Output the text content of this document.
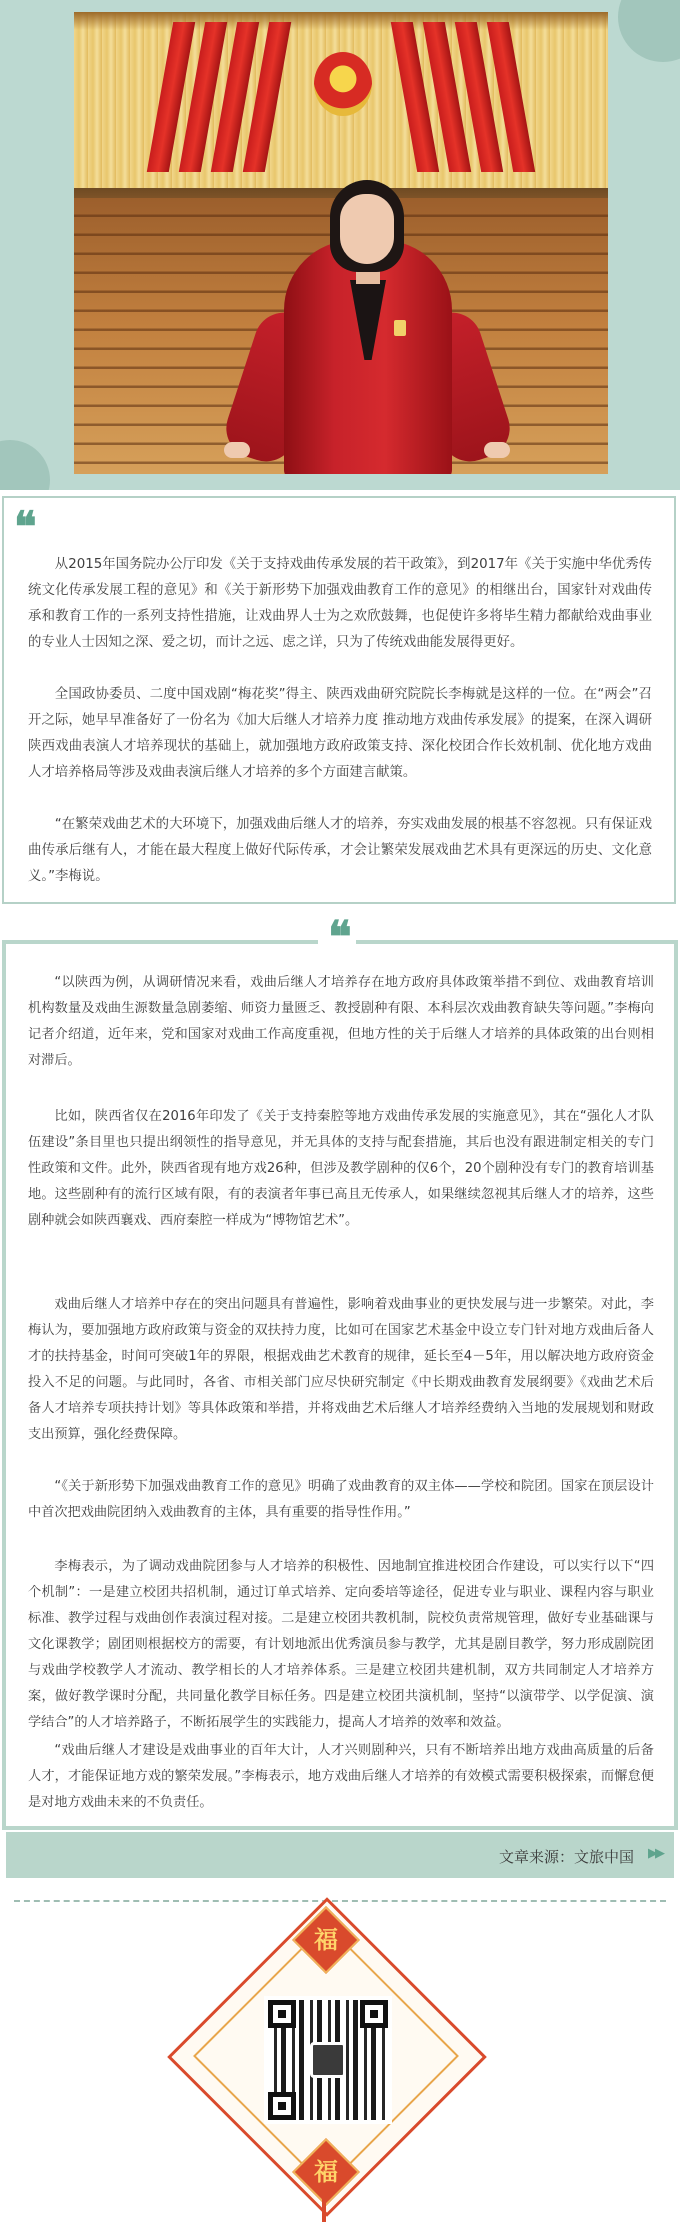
❝
从2015年国务院办公厅印发《关于支持戏曲传承发展的若干政策》，到2017年《关于实施中华优秀传统文化传承发展工程的意见》和《关于新形势下加强戏曲教育工作的意见》的相继出台，国家针对戏曲传承和教育工作的一系列支持性措施，让戏曲界人士为之欢欣鼓舞，也促使许多将毕生精力都献给戏曲事业的专业人士因知之深、爱之切，而计之远、虑之详，只为了传统戏曲能发展得更好。
全国政协委员、二度中国戏剧“梅花奖”得主、陕西戏曲研究院院长李梅就是这样的一位。在“两会”召开之际，她早早准备好了一份名为《加大后继人才培养力度 推动地方戏曲传承发展》的提案，在深入调研陕西戏曲表演人才培养现状的基础上，就加强地方政府政策支持、深化校团合作长效机制、优化地方戏曲人才培养格局等涉及戏曲表演后继人才培养的多个方面建言献策。
“在繁荣戏曲艺术的大环境下，加强戏曲后继人才的培养，夯实戏曲发展的根基不容忽视。只有保证戏曲传承后继有人，才能在最大程度上做好代际传承，才会让繁荣发展戏曲艺术具有更深远的历史、文化意义。”李梅说。
“以陕西为例，从调研情况来看，戏曲后继人才培养存在地方政府具体政策举措不到位、戏曲教育培训机构数量及戏曲生源数量急剧萎缩、师资力量匮乏、教授剧种有限、本科层次戏曲教育缺失等问题。”李梅向记者介绍道，近年来，党和国家对戏曲工作高度重视，但地方性的关于后继人才培养的具体政策的出台则相对滞后。
比如，陕西省仅在2016年印发了《关于支持秦腔等地方戏曲传承发展的实施意见》，其在“强化人才队伍建设”条目里也只提出纲领性的指导意见，并无具体的支持与配套措施，其后也没有跟进制定相关的专门性政策和文件。此外，陕西省现有地方戏26种，但涉及教学剧种的仅6个，20个剧种没有专门的教育培训基地。这些剧种有的流行区域有限，有的表演者年事已高且无传承人，如果继续忽视其后继人才的培养，这些剧种就会如陕西襄戏、西府秦腔一样成为“博物馆艺术”。
戏曲后继人才培养中存在的突出问题具有普遍性，影响着戏曲事业的更快发展与进一步繁荣。对此，李梅认为，要加强地方政府政策与资金的双扶持力度，比如可在国家艺术基金中设立专门针对地方戏曲后备人才的扶持基金，时间可突破1年的界限，根据戏曲艺术教育的规律，延长至4－5年，用以解决地方政府资金投入不足的问题。与此同时，各省、市相关部门应尽快研究制定《中长期戏曲教育发展纲要》《戏曲艺术后备人才培养专项扶持计划》等具体政策和举措，并将戏曲艺术后继人才培养经费纳入当地的发展规划和财政支出预算，强化经费保障。
“《关于新形势下加强戏曲教育工作的意见》明确了戏曲教育的双主体——学校和院团。国家在顶层设计中首次把戏曲院团纳入戏曲教育的主体，具有重要的指导性作用。”
李梅表示，为了调动戏曲院团参与人才培养的积极性、因地制宜推进校团合作建设，可以实行以下“四个机制”：一是建立校团共招机制，通过订单式培养、定向委培等途径，促进专业与职业、课程内容与职业标准、教学过程与戏曲创作表演过程对接。二是建立校团共教机制，院校负责常规管理，做好专业基础课与文化课教学；剧团则根据校方的需要，有计划地派出优秀演员参与教学，尤其是剧目教学，努力形成剧院团与戏曲学校教学人才流动、教学相长的人才培养体系。三是建立校团共建机制，双方共同制定人才培养方案，做好教学课时分配，共同量化教学目标任务。四是建立校团共演机制，坚持“以演带学、以学促演、演学结合”的人才培养路子，不断拓展学生的实践能力，提高人才培养的效率和效益。
“戏曲后继人才建设是戏曲事业的百年大计，人才兴则剧种兴，只有不断培养出地方戏曲高质量的后备人才，才能保证地方戏的繁荣发展。”李梅表示，地方戏曲后继人才培养的有效模式需要积极探索，而懈怠便是对地方戏曲未来的不负责任。
❝
文章来源：文旅中国 ▶▶
福
福
